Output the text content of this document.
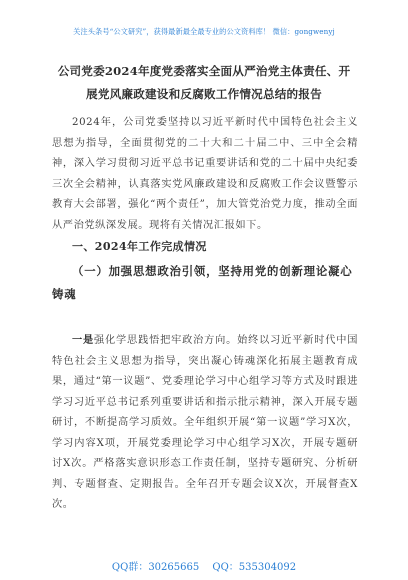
关注头条号“公文研究”，获得最新最全最专业的公文资料库！ 微信：gongwenyj
公司党委2024年度党委落实全面从严治党主体责任、开展党风廉政建设和反腐败工作情况总结的报告
2024年，公司党委坚持以习近平新时代中国特色社会主义思想为指导，全面贯彻党的二十大和二十届二中、三中全会精神，深入学习贯彻习近平总书记重要讲话和党的二十届中央纪委三次全会精神，认真落实党风廉政建设和反腐败工作会议暨警示教育大会部署，强化“两个责任”，加大管党治党力度，推动全面从严治党纵深发展。现将有关情况汇报如下。
一、2024年工作完成情况
（一）加强思想政治引领，坚持用党的创新理论凝心铸魂
一是强化学思践悟把牢政治方向。始终以习近平新时代中国特色社会主义思想为指导，突出凝心铸魂深化拓展主题教育成果，通过“第一议题”、党委理论学习中心组学习等方式及时跟进学习习近平总书记系列重要讲话和指示批示精神，深入开展专题研讨，不断提高学习质效。全年组织开展“第一议题”学习X次，学习内容X项，开展党委理论学习中心组学习X次，开展专题研讨X次。严格落实意识形态工作责任制，坚持专题研究、分析研判、专题督查、定期报告。全年召开专题会议X次，开展督查X次。
QQ群：30265665 QQ：535304092
